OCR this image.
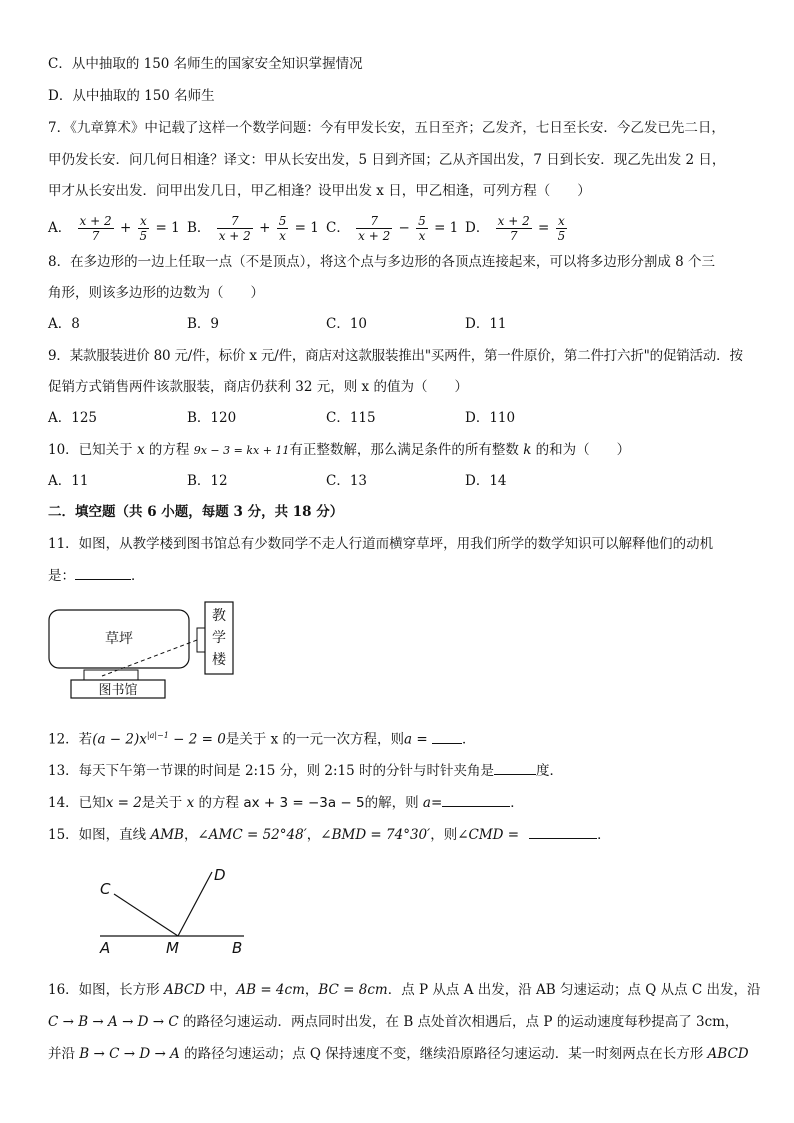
C．从中抽取的 150 名师生的国家安全知识掌握情况
D．从中抽取的 150 名师生
7．《九章算术》中记载了这样一个数学问题：今有甲发长安，五日至齐；乙发齐，七日至长安．今乙发已先二日，
甲仍发长安．问几何日相逢？译文：甲从长安出发，5 日到齐国；乙从齐国出发，7 日到长安．现乙先出发 2 日，
甲才从长安出发．问甲出发几日，甲乙相逢？设甲出发 x 日，甲乙相逢，可列方程（　　）
A． $\frac{x + 2}{7} + \frac{x}{5} = 1$ B． $\frac{7}{x + 2} + \frac{5}{x} = 1$ C． $\frac{7}{x + 2} - \frac{5}{x} = 1$ D． $\frac{x + 2}{7} = \frac{x}{5}$
8．在多边形的一边上任取一点（不是顶点），将这个点与多边形的各顶点连接起来，可以将多边形分割成 8 个三
角形，则该多边形的边数为（　　）
A．8	B．9	C．10	D．11
9．某款服装进价 80 元/件，标价 x 元/件，商店对这款服装推出"买两件，第一件原价，第二件打六折"的促销活动．按
促销方式销售两件该款服装，商店仍获利 32 元，则 x 的值为（　　）
A．125	B．120	C．115	D．110
10．已知关于 x 的方程 9x − 3 = kx + 11有正整数解，那么满足条件的所有整数 k 的和为（　　）
A．11	B．12	C．13	D．14
二．填空题（共 6 小题，每题 3 分，共 18 分）
11．如图，从教学楼到图书馆总有少数同学不走人行道而横穿草坪，用我们所学的数学知识可以解释他们的动机
是：	．
草坪
教
学
楼
图书馆
12．若$(a - 2)x^{|a|-1} - 2 = 0$是关于 x 的一元一次方程，则a = ．
13．每天下午第一节课的时间是 2:15 分，则 2:15 时的分针与时针夹角是	度．
14．已知x = 2是关于 x 的方程 ax + 3 = −3a − 5的解，则 a=	．
15．如图，直线 AMB，∠AMC = 52°48′，∠BMD = 74°30′，则∠CMD =	．
C
D
A	M	B
16．如图，长方形 ABCD 中，AB = 4cm，BC = 8cm．点 P 从点 A 出发，沿 AB 匀速运动；点 Q 从点 C 出发，沿
C → B → A → D → C 的路径匀速运动．两点同时出发，在 B 点处首次相遇后，点 P 的运动速度每秒提高了 3cm，
并沿 B → C → D → A 的路径匀速运动；点 Q 保持速度不变，继续沿原路径匀速运动．某一时刻两点在长方形 ABCD
